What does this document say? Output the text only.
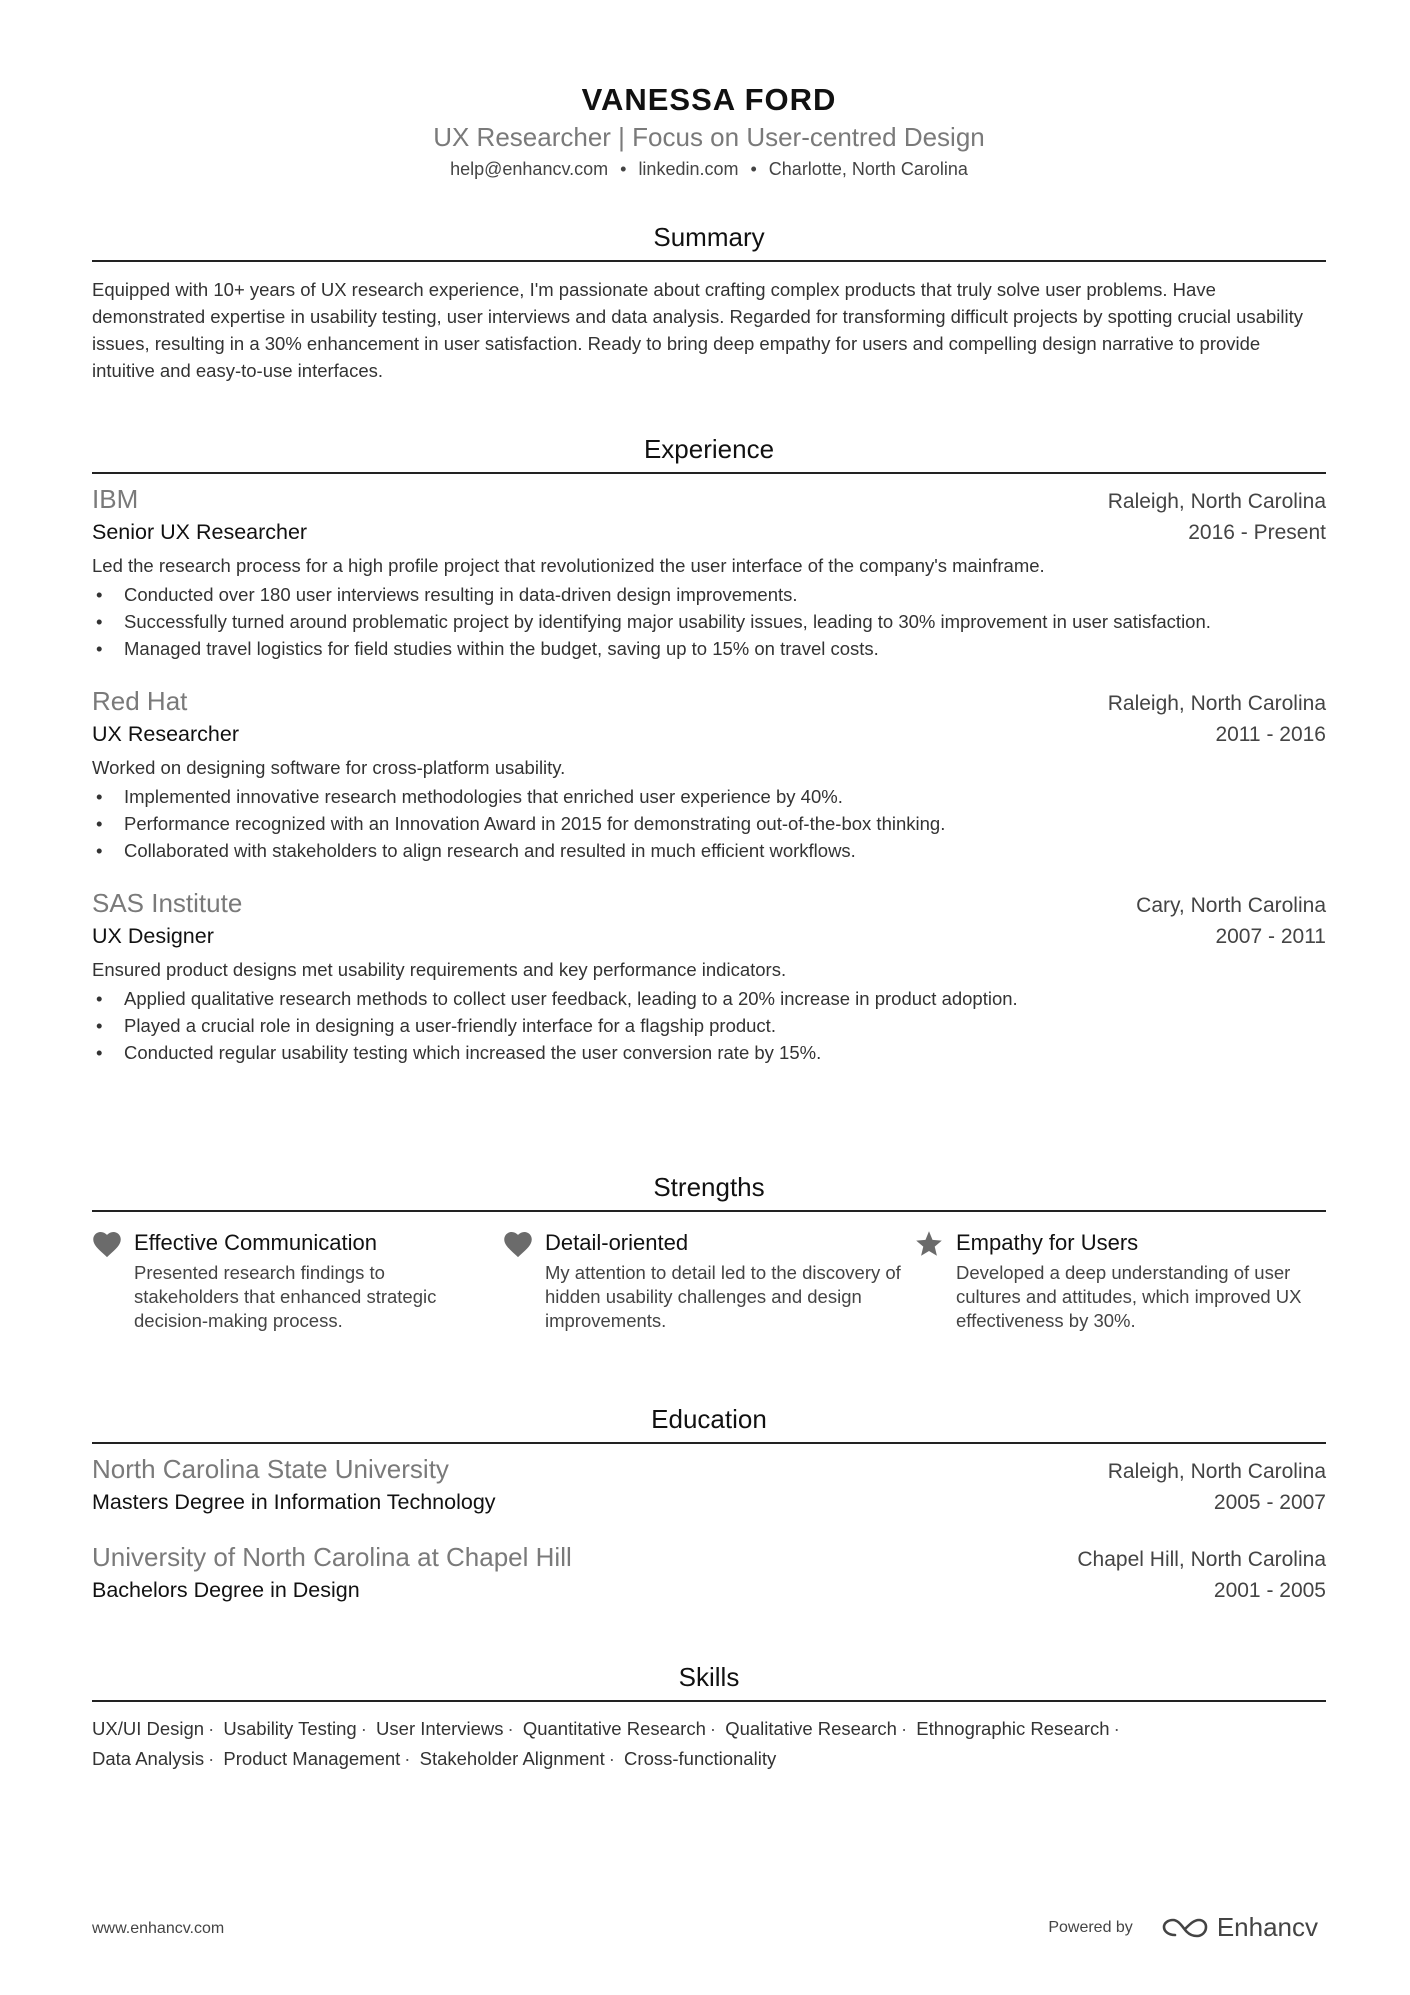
VANESSA FORD
UX Researcher | Focus on User-centred Design
help@enhancv.com • linkedin.com • Charlotte, North Carolina
Summary
Equipped with 10+ years of UX research experience, I'm passionate about crafting complex products that truly solve user problems. Have demonstrated expertise in usability testing, user interviews and data analysis. Regarded for transforming difficult projects by spotting crucial usability issues, resulting in a 30% enhancement in user satisfaction. Ready to bring deep empathy for users and compelling design narrative to provide intuitive and easy-to-use interfaces.
Experience
IBM	Raleigh, North Carolina
Senior UX Researcher	2016 - Present
Led the research process for a high profile project that revolutionized the user interface of the company's mainframe.
• Conducted over 180 user interviews resulting in data-driven design improvements.
• Successfully turned around problematic project by identifying major usability issues, leading to 30% improvement in user satisfaction.
• Managed travel logistics for field studies within the budget, saving up to 15% on travel costs.
Red Hat	Raleigh, North Carolina
UX Researcher	2011 - 2016
Worked on designing software for cross-platform usability.
• Implemented innovative research methodologies that enriched user experience by 40%.
• Performance recognized with an Innovation Award in 2015 for demonstrating out-of-the-box thinking.
• Collaborated with stakeholders to align research and resulted in much efficient workflows.
SAS Institute	Cary, North Carolina
UX Designer	2007 - 2011
Ensured product designs met usability requirements and key performance indicators.
• Applied qualitative research methods to collect user feedback, leading to a 20% increase in product adoption.
• Played a crucial role in designing a user-friendly interface for a flagship product.
• Conducted regular usability testing which increased the user conversion rate by 15%.
Strengths
Effective Communication
Presented research findings to stakeholders that enhanced strategic decision-making process.
Detail-oriented
My attention to detail led to the discovery of hidden usability challenges and design improvements.
Empathy for Users
Developed a deep understanding of user cultures and attitudes, which improved UX effectiveness by 30%.
Education
North Carolina State University	Raleigh, North Carolina
Masters Degree in Information Technology	2005 - 2007
University of North Carolina at Chapel Hill	Chapel Hill, North Carolina
Bachelors Degree in Design	2001 - 2005
Skills
UX/UI Design · Usability Testing · User Interviews · Quantitative Research · Qualitative Research · Ethnographic Research ·
Data Analysis · Product Management · Stakeholder Alignment · Cross-functionality
www.enhancv.com	Powered by	Enhancv
